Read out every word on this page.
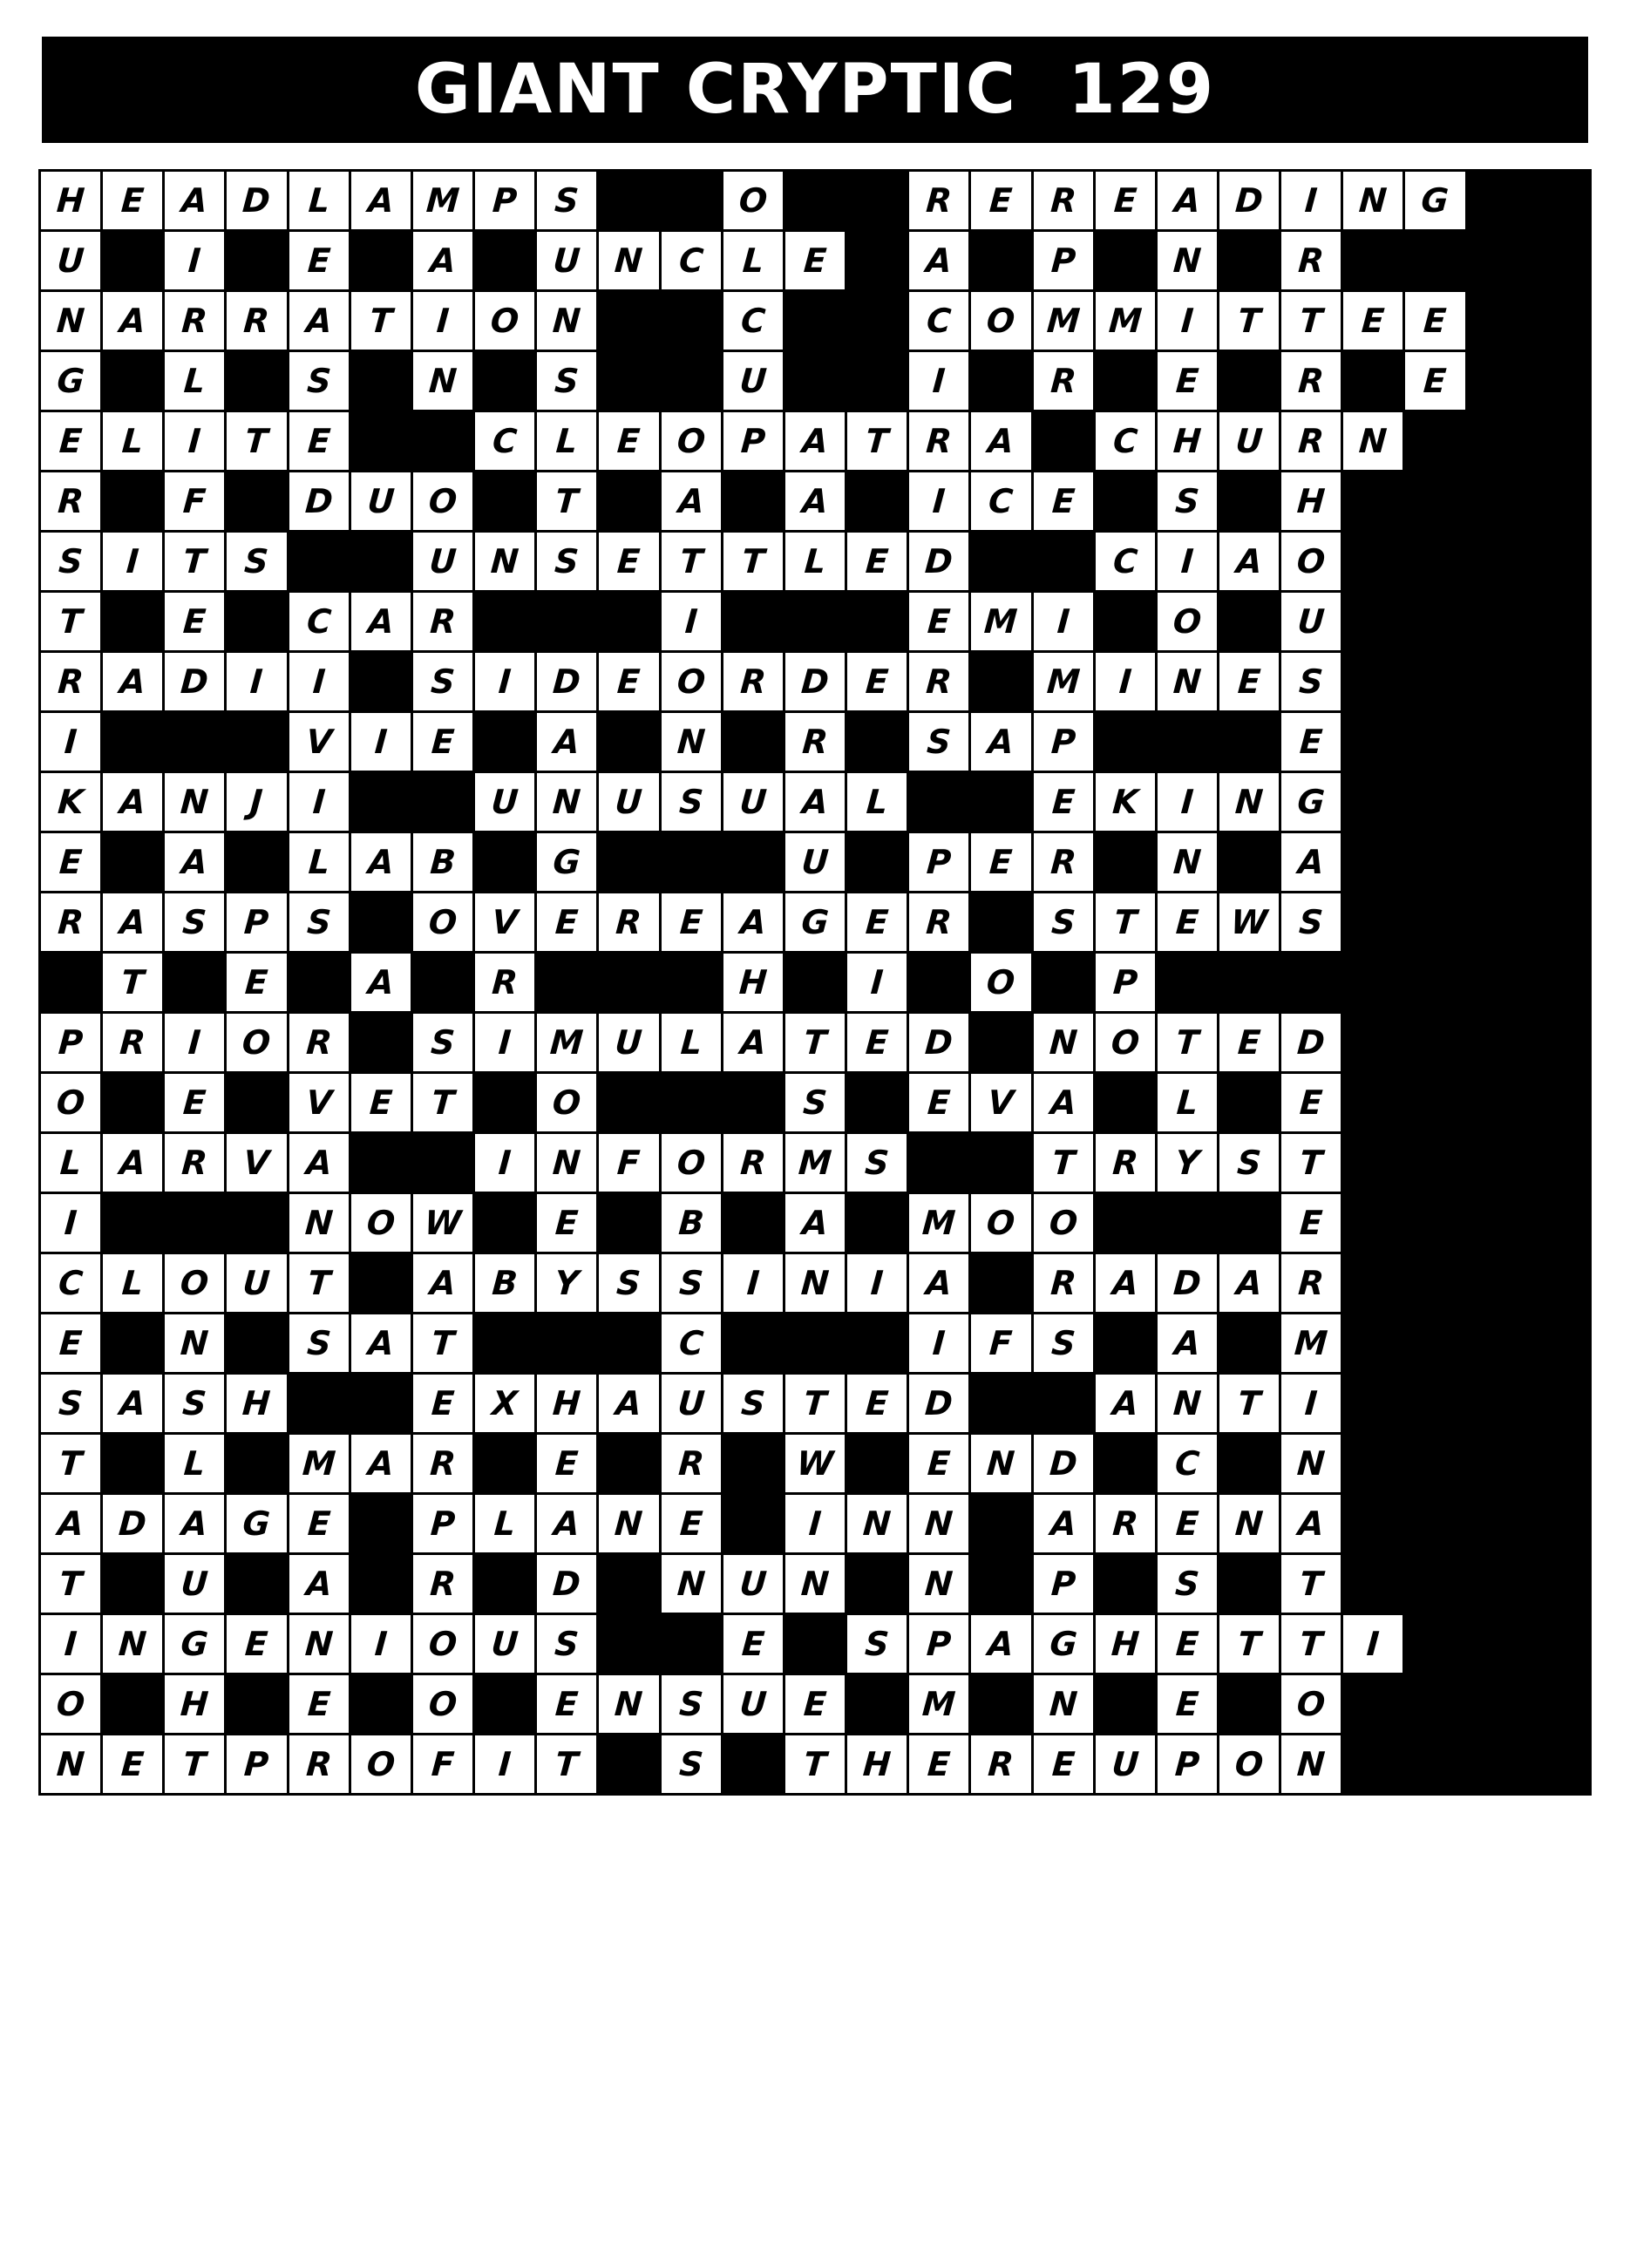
GIANT CRYPTIC  129
H	E	A	D	L	A	M	P	S			O			R	E	R	E	A	D	I	N	G		

U		I		E		A		U	N	C	L	E		A		P		N		R				

N	A	R	R	A	T	I	O	N			C			C	O	M	M	I	T	T	E	E		

G		L		S		N		S			U			I		R		E		R		E		

E	L	I	T	E			C	L	E	O	P	A	T	R	A		C	H	U	R	N			

R		F		D	U	O		T		A		A		I	C	E		S		H				

S	I	T	S			U	N	S	E	T	T	L	E	D			C	I	A	O				

T		E		C	A	R				I				E	M	I		O		U				

R	A	D	I	I		S	I	D	E	O	R	D	E	R		M	I	N	E	S				

I				V	I	E		A		N		R		S	A	P				E				

K	A	N	J	I			U	N	U	S	U	A	L			E	K	I	N	G				

E		A		L	A	B		G				U		P	E	R		N		A				

R	A	S	P	S		O	V	E	R	E	A	G	E	R		S	T	E	W	S				

	T		E		A		R				H		I		O		P							

P	R	I	O	R		S	I	M	U	L	A	T	E	D		N	O	T	E	D				

O		E		V	E	T		O				S		E	V	A		L		E				

L	A	R	V	A			I	N	F	O	R	M	S			T	R	Y	S	T				

I				N	O	W		E		B		A		M	O	O				E				

C	L	O	U	T		A	B	Y	S	S	I	N	I	A		R	A	D	A	R				

E		N		S	A	T				C				I	F	S		A		M				

S	A	S	H			E	X	H	A	U	S	T	E	D			A	N	T	I				

T		L		M	A	R		E		R		W		E	N	D		C		N				

A	D	A	G	E		P	L	A	N	E		I	N	N		A	R	E	N	A				

T		U		A		R		D		N	U	N		N		P		S		T				

I	N	G	E	N	I	O	U	S			E		S	P	A	G	H	E	T	T	I			

O		H		E		O		E	N	S	U	E		M		N		E		O				

N	E	T	P	R	O	F	I	T		S		T	H	E	R	E	U	P	O	N				
